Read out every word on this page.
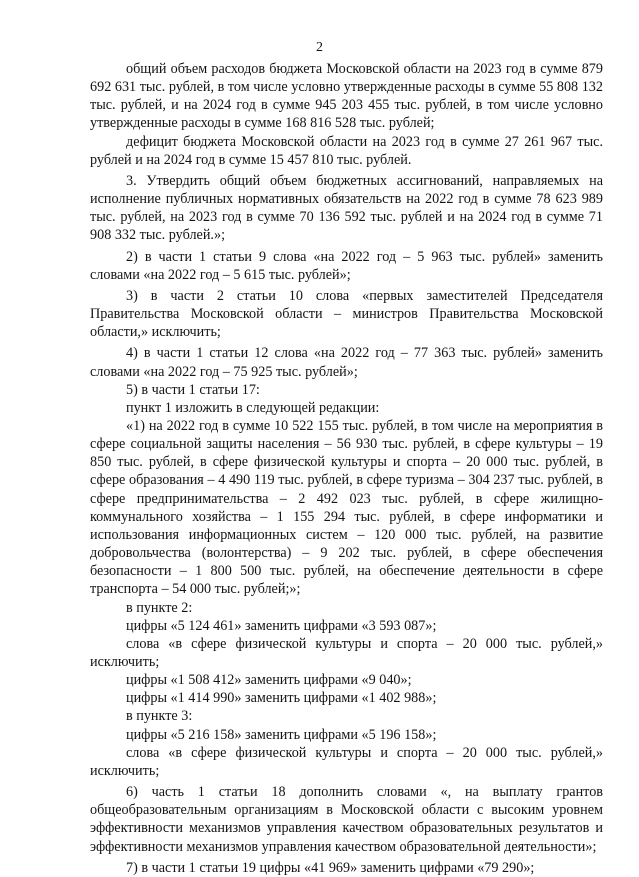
2

общий объем расходов бюджета Московской области на 2023 год в сумме 879 692 631 тыс. рублей, в том числе условно утвержденные расходы в сумме 55 808 132 тыс. рублей, и на 2024 год в сумме 945 203 455 тыс. рублей, в том числе условно утвержденные расходы в сумме 168 816 528 тыс. рублей;

дефицит бюджета Московской области на 2023 год в сумме 27 261 967 тыс. рублей и на 2024 год в сумме 15 457 810 тыс. рублей.

3. Утвердить общий объем бюджетных ассигнований, направляемых на исполнение публичных нормативных обязательств на 2022 год в сумме 78 623 989 тыс. рублей, на 2023 год в сумме 70 136 592 тыс. рублей и на 2024 год в сумме 71 908 332 тыс. рублей.»;

2) в части 1 статьи 9 слова «на 2022 год – 5 963 тыс. рублей» заменить словами «на 2022 год – 5 615 тыс. рублей»;

3) в части 2 статьи 10 слова «первых заместителей Председателя Правительства Московской области – министров Правительства Московской области,» исключить;

4) в части 1 статьи 12 слова «на 2022 год – 77 363 тыс. рублей» заменить словами «на 2022 год – 75 925 тыс. рублей»;

5) в части 1 статьи 17:

пункт 1 изложить в следующей редакции:

«1) на 2022 год в сумме 10 522 155 тыс. рублей, в том числе на мероприятия в сфере социальной защиты населения – 56 930 тыс. рублей, в сфере культуры – 19 850 тыс. рублей, в сфере физической культуры и спорта – 20 000 тыс. рублей, в сфере образования – 4 490 119 тыс. рублей, в сфере туризма – 304 237 тыс. рублей, в сфере предпринимательства – 2 492 023 тыс. рублей, в сфере жилищно-коммунального хозяйства – 1 155 294 тыс. рублей, в сфере информатики и использования информационных систем – 120 000 тыс. рублей, на развитие добровольчества (волонтерства) – 9 202 тыс. рублей, в сфере обеспечения безопасности – 1 800 500 тыс. рублей, на обеспечение деятельности в сфере транспорта – 54 000 тыс. рублей;»;

в пункте 2:

цифры «5 124 461» заменить цифрами «3 593 087»;

слова «в сфере физической культуры и спорта – 20 000 тыс. рублей,» исключить;

цифры «1 508 412» заменить цифрами «9 040»;

цифры «1 414 990» заменить цифрами «1 402 988»;

в пункте 3:

цифры «5 216 158» заменить цифрами «5 196 158»;

слова «в сфере физической культуры и спорта – 20 000 тыс. рублей,» исключить;

6) часть 1 статьи 18 дополнить словами «, на выплату грантов общеобразовательным организациям в Московской области с высоким уровнем эффективности механизмов управления качеством образовательных результатов и эффективности механизмов управления качеством образовательной деятельности»;

7) в части 1 статьи 19 цифры «41 969» заменить цифрами «79 290»;
